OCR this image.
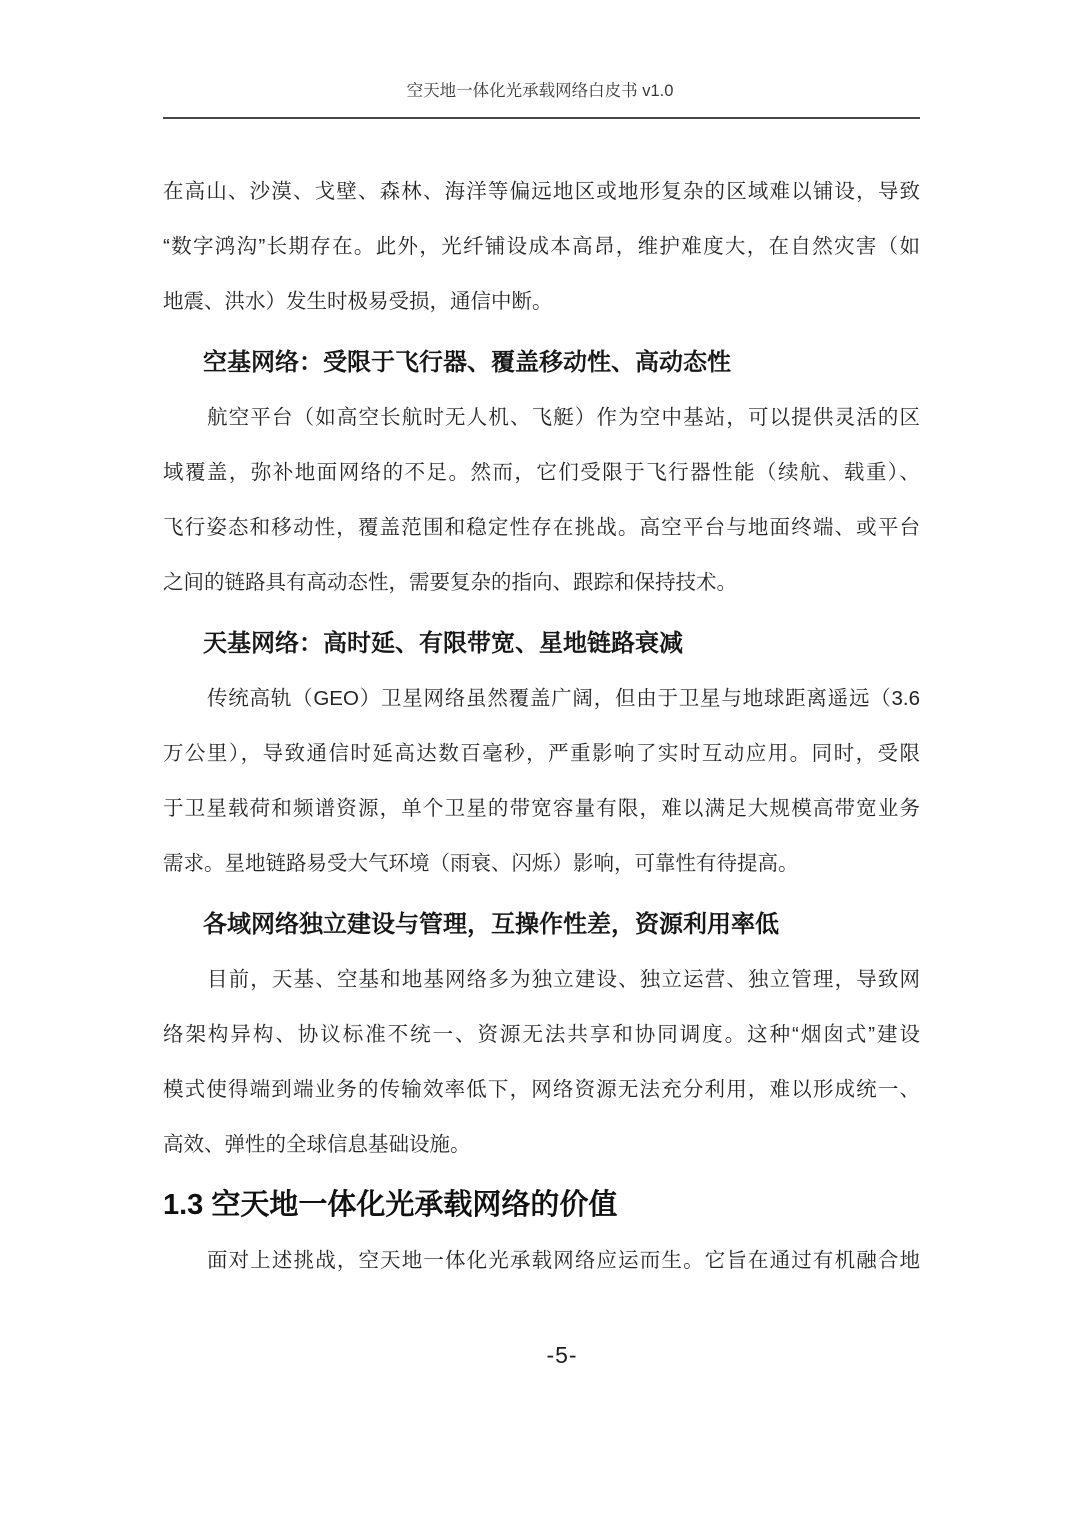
空天地一体化光承载网络白皮书 v1.0
在高山、沙漠、戈壁、森林、海洋等偏远地区或地形复杂的区域难以铺设，导致
“数字鸿沟”长期存在。此外，光纤铺设成本高昂，维护难度大，在自然灾害（如
地震、洪水）发生时极易受损，通信中断。
空基网络：受限于飞行器、覆盖移动性、高动态性
航空平台（如高空长航时无人机、飞艇）作为空中基站，可以提供灵活的区
域覆盖，弥补地面网络的不足。然而，它们受限于飞行器性能（续航、载重）、
飞行姿态和移动性，覆盖范围和稳定性存在挑战。高空平台与地面终端、或平台
之间的链路具有高动态性，需要复杂的指向、跟踪和保持技术。
天基网络：高时延、有限带宽、星地链路衰减
传统高轨（GEO）卫星网络虽然覆盖广阔，但由于卫星与地球距离遥远（3.6
万公里），导致通信时延高达数百毫秒，严重影响了实时互动应用。同时，受限
于卫星载荷和频谱资源，单个卫星的带宽容量有限，难以满足大规模高带宽业务
需求。星地链路易受大气环境（雨衰、闪烁）影响，可靠性有待提高。
各域网络独立建设与管理，互操作性差，资源利用率低
目前，天基、空基和地基网络多为独立建设、独立运营、独立管理，导致网
络架构异构、协议标准不统一、资源无法共享和协同调度。这种“烟囱式”建设
模式使得端到端业务的传输效率低下，网络资源无法充分利用，难以形成统一、
高效、弹性的全球信息基础设施。
1.3 空天地一体化光承载网络的价值
面对上述挑战，空天地一体化光承载网络应运而生。它旨在通过有机融合地
-5-
